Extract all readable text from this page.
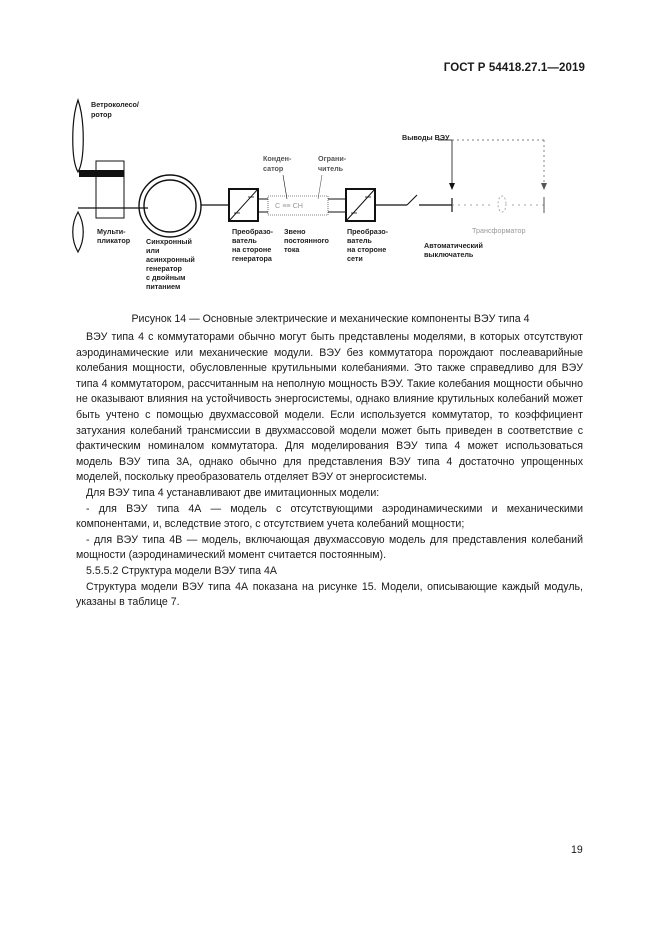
ГОСТ Р 54418.27.1—2019
C ≡≡ СН
Ветроколесо/
ротор
Мульти-
пликатор Синхронный
или
асинхронный
генератор
с двойным
питанием
Преобразо-
ватель
на стороне
генератора
Конден-
сатор
Ограни-
читель
Звено
постоянного
тока
Преобразо-
ватель
на стороне
сети
Выводы ВЭУ
Автоматический
выключатель
Трансформатор
Рисунок 14 — Основные электрические и механические компоненты ВЭУ типа 4

ВЭУ типа 4 с коммутаторами обычно могут быть представлены моделями, в которых отсутствуют аэродинамические или механические модули. ВЭУ без коммутатора порождают послеаварийные колебания мощности, обусловленные крутильными колебаниями. Это также справедливо для ВЭУ типа 4 коммутатором, рассчитанным на неполную мощность ВЭУ. Такие колебания мощности обычно не оказывают влияния на устойчивость энергосистемы, однако влияние крутильных колебаний может быть учтено с помощью двухмассовой модели. Если используется коммутатор, то коэффициент затухания колебаний трансмиссии в двухмассовой модели может быть приведен в соответствие с фактическим номиналом коммутатора. Для моделирования ВЭУ типа 4 может использоваться модель ВЭУ типа 3А, однако обычно для представления ВЭУ типа 4 достаточно упрощенных моделей, поскольку преобразователь отделяет ВЭУ от энергосистемы.

Для ВЭУ типа 4 устанавливают две имитационных модели:

- для ВЭУ типа 4А — модель с отсутствующими аэродинамическими и механическими компонентами, и, вследствие этого, с отсутствием учета колебаний мощности;

- для ВЭУ типа 4В — модель, включающая двухмассовую модель для представления колебаний мощности (аэродинамический момент считается постоянным).

5.5.5.2 Структура модели ВЭУ типа 4А

Структура модели ВЭУ типа 4А показана на рисунке 15. Модели, описывающие каждый модуль, указаны в таблице 7.

19
